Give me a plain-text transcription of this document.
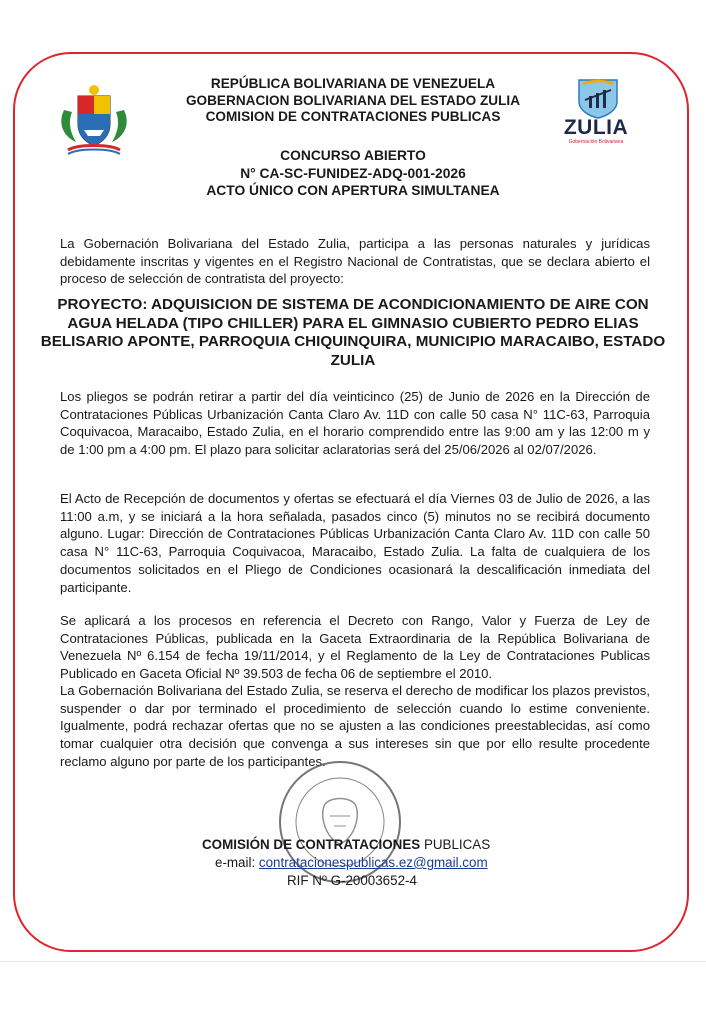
REPÚBLICA BOLIVARIANA DE VENEZUELA
GOBERNACION BOLIVARIANA DEL ESTADO ZULIA
COMISION DE CONTRATACIONES PUBLICAS	ZULIA
Gobernación Bolivariana
CONCURSO ABIERTO
N° CA-SC-FUNIDEZ-ADQ-001-2026
ACTO ÚNICO CON APERTURA SIMULTANEA
La Gobernación Bolivariana del Estado Zulia, participa a las personas naturales y jurídicas debidamente inscritas y vigentes en el Registro Nacional de Contratistas, que se declara abierto el proceso de selección de contratista del proyecto:
PROYECTO: ADQUISICION DE SISTEMA DE ACONDICIONAMIENTO DE AIRE CON AGUA HELADA (TIPO CHILLER) PARA EL GIMNASIO CUBIERTO PEDRO ELIAS BELISARIO APONTE, PARROQUIA CHIQUINQUIRA, MUNICIPIO MARACAIBO, ESTADO ZULIA
Los pliegos se podrán retirar a partir del día veinticinco (25) de Junio de 2026 en la Dirección de Contrataciones Públicas Urbanización Canta Claro Av. 11D con calle 50 casa N° 11C-63, Parroquia Coquivacoa, Maracaibo, Estado Zulia, en el horario comprendido entre las 9:00 am y las 12:00 m y de 1:00 pm a 4:00 pm. El plazo para solicitar aclaratorias será del 25/06/2026 al 02/07/2026.
El Acto de Recepción de documentos y ofertas se efectuará el día Viernes 03 de Julio de 2026, a las 11:00 a.m, y se iniciará a la hora señalada, pasados cinco (5) minutos no se recibirá documento alguno. Lugar: Dirección de Contrataciones Públicas Urbanización Canta Claro Av. 11D con calle 50 casa N° 11C-63, Parroquia Coquivacoa, Maracaibo, Estado Zulia. La falta de cualquiera de los documentos solicitados en el Pliego de Condiciones ocasionará la descalificación inmediata del participante.
Se aplicará a los procesos en referencia el Decreto con Rango, Valor y Fuerza de Ley de Contrataciones Públicas, publicada en la Gaceta Extraordinaria de la República Bolivariana de Venezuela Nº 6.154 de fecha 19/11/2014, y el Reglamento de la Ley de Contrataciones Publicas Publicado en Gaceta Oficial Nº 39.503 de fecha 06 de septiembre el 2010.
La Gobernación Bolivariana del Estado Zulia, se reserva el derecho de modificar los plazos previstos, suspender o dar por terminado el procedimiento de selección cuando lo estime conveniente. Igualmente, podrá rechazar ofertas que no se ajusten a las condiciones preestablecidas, así como tomar cualquier otra decisión que convenga a sus intereses sin que por ello resulte procedente reclamo alguno por parte de los participantes.
COMISIÓN DE CONTRATACIONES PUBLICAS
e-mail: contratacionespublicas.ez@gmail.com
RIF Nº G-20003652-4
